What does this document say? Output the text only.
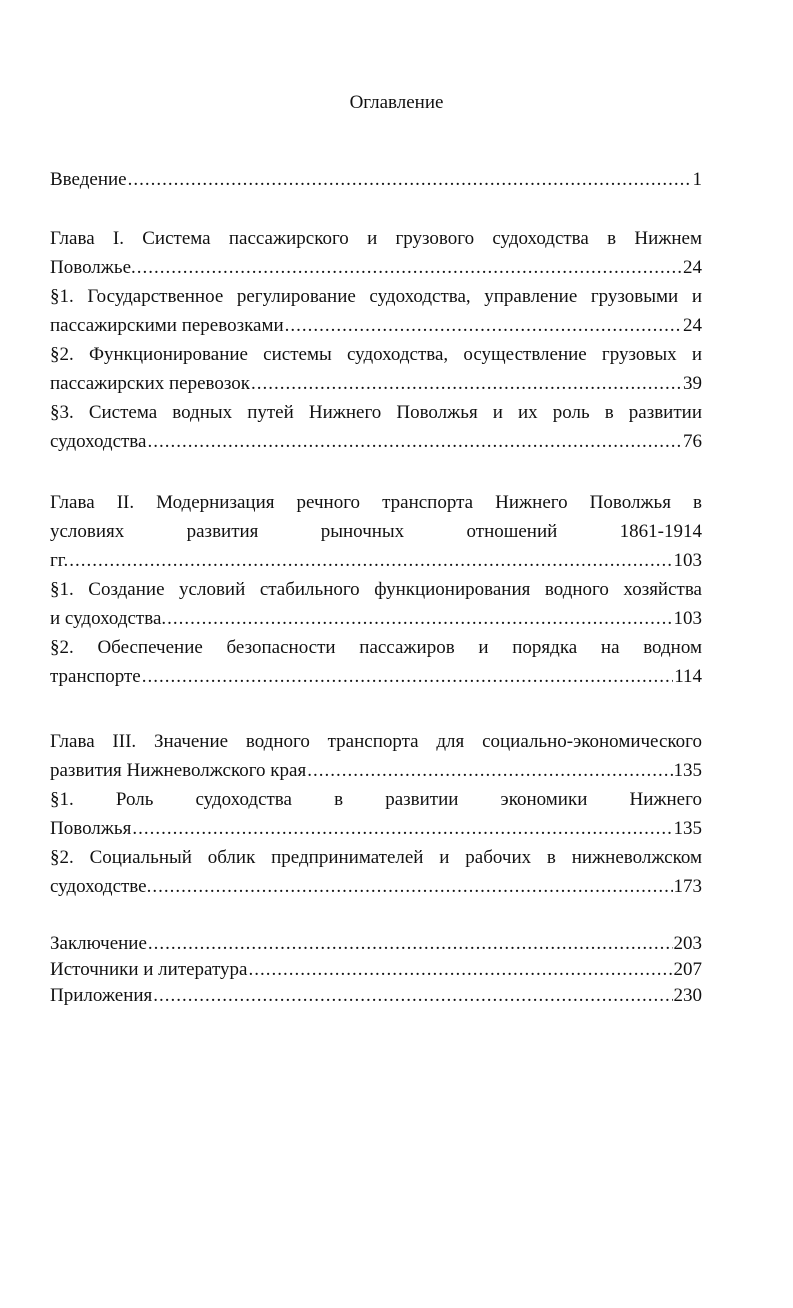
Оглавление
Введение .....	1
Глава I. Система пассажирского и грузового судоходства в Нижнем
Поволжье. .....	24
§1. Государственное регулирование судоходства, управление грузовыми и
пассажирскими перевозками .....	24
§2. Функционирование системы судоходства, осуществление грузовых и
пассажирских перевозок .....	39
§3. Система водных путей Нижнего Поволжья и их роль в развитии
судоходства .....	76
Глава II. Модернизация речного транспорта Нижнего Поволжья в
условиях	развития	рыночных	отношений	1861-1914
гг. .....	103
§1. Создание условий стабильного функционирования водного хозяйства
и судоходства. .....	103
§2. Обеспечение безопасности пассажиров и порядка на водном
транспорте .....	114
Глава III. Значение водного транспорта для социально-экономического
развития Нижневолжского края .....	135
§1. Роль судоходства в развитии экономики Нижнего
Поволжья .....	135
§2. Социальный облик предпринимателей и рабочих в нижневолжском
судоходстве. .....	173
Заключение .....	203
Источники и литература .....	207
Приложения .....	230
